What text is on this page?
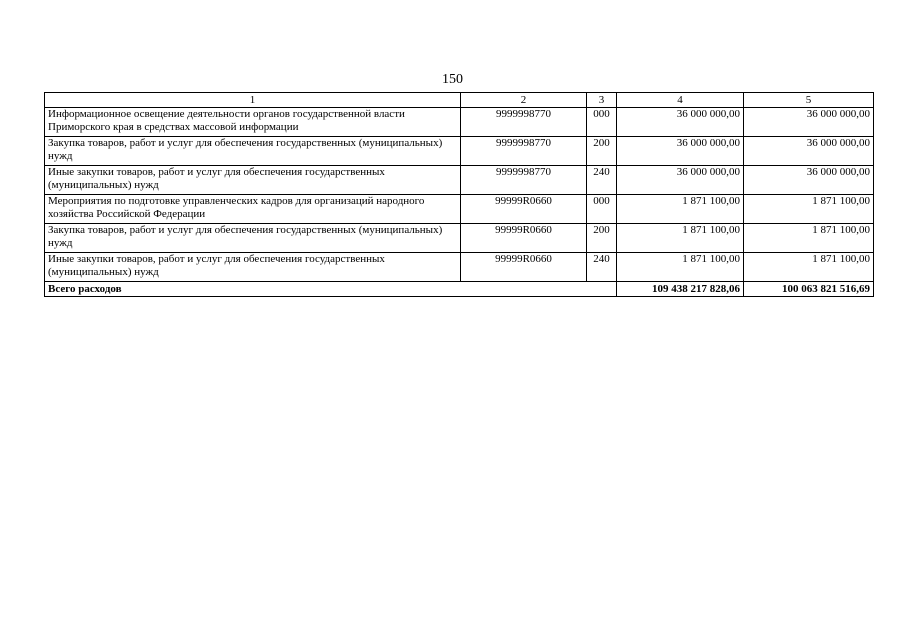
150
1	2	3	4	5
Информационное освещение деятельности органов государственной власти Приморского края в средствах массовой информации	9999998770	000	36 000 000,00	36 000 000,00
Закупка товаров, работ и услуг для обеспечения государственных (муниципальных) нужд	9999998770	200	36 000 000,00	36 000 000,00
Иные закупки товаров, работ и услуг для обеспечения государственных (муниципальных) нужд	9999998770	240	36 000 000,00	36 000 000,00
Мероприятия по подготовке управленческих кадров для организаций народного хозяйства Российской Федерации	99999R0660	000	1 871 100,00	1 871 100,00
Закупка товаров, работ и услуг для обеспечения государственных (муниципальных) нужд	99999R0660	200	1 871 100,00	1 871 100,00
Иные закупки товаров, работ и услуг для обеспечения государственных (муниципальных) нужд	99999R0660	240	1 871 100,00	1 871 100,00
Всего расходов			109 438 217 828,06	100 063 821 516,69
